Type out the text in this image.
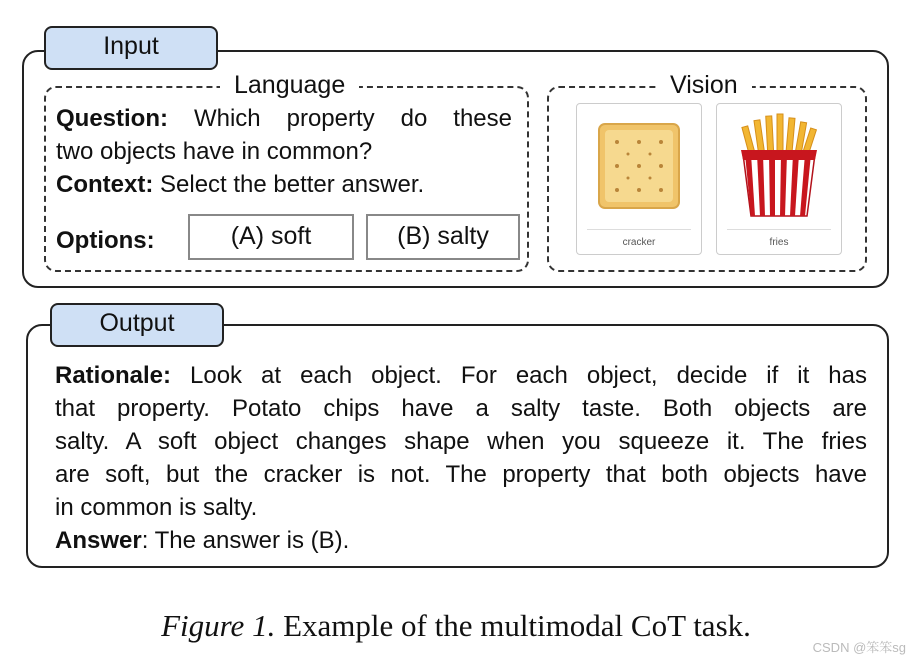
Input
Language
Question: Which property do these
two objects have in common?
Context: Select the better answer.
Options:	(A) soft	(B) salty
Vision
cracker	fries
Output
Rationale: Look at each object. For each object, decide if it has
that property. Potato chips have a salty taste. Both objects are
salty. A soft object changes shape when you squeeze it. The fries
are soft, but the cracker is not. The property that both objects have
in common is salty.
Answer: The answer is (B).
Figure 1. Example of the multimodal CoT task.
CSDN @笨笨sg
